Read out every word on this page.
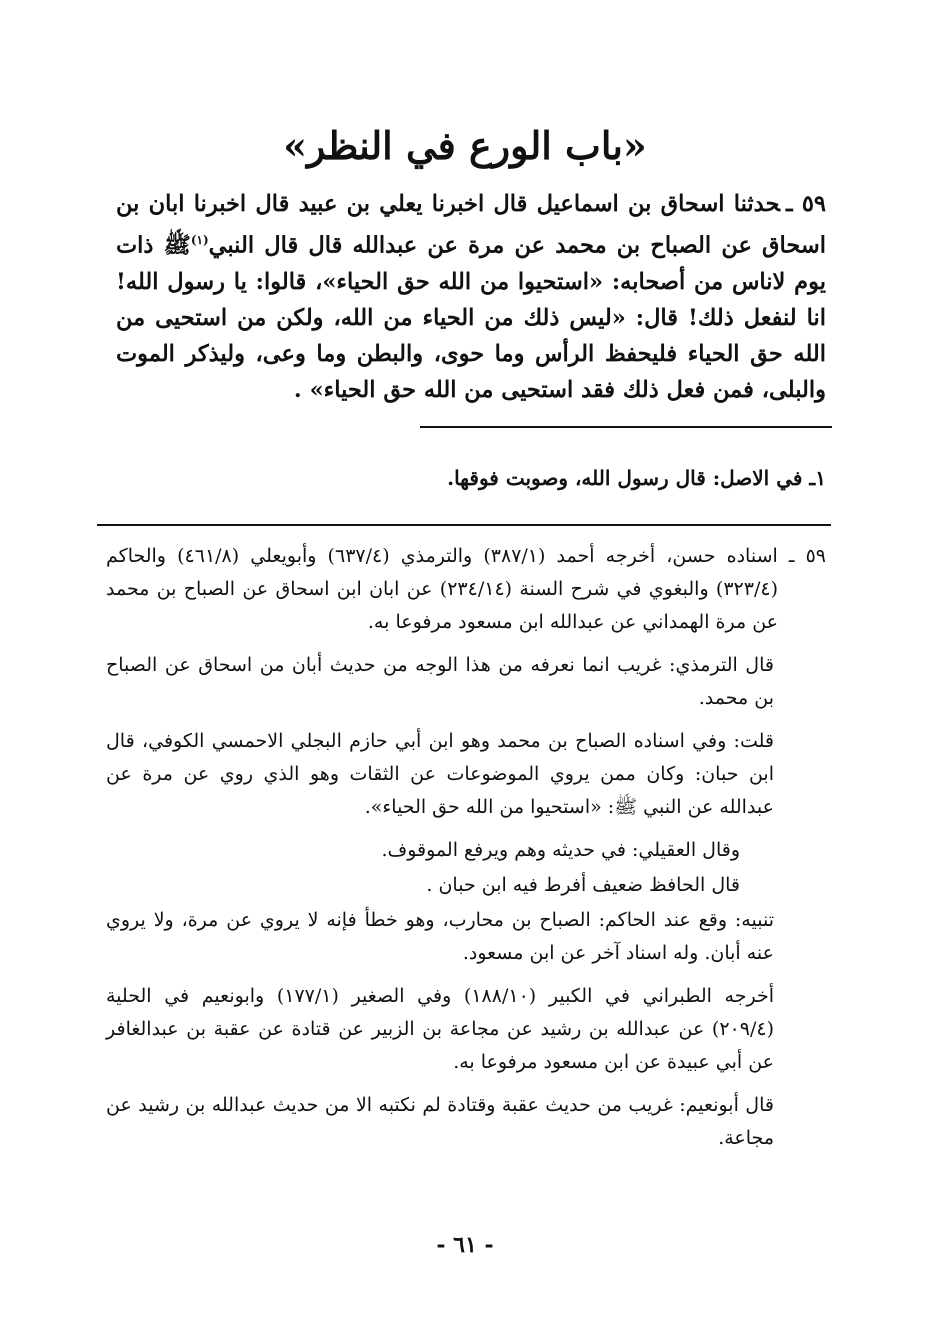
«باب الورع في النظر»
٥٩ ـحدثنا اسحاق بن اسماعيل قال اخبرنا يعلي بن عبيد قال اخبرنا ابان بن اسحاق عن الصباح بن محمد عن مرة عن عبدالله قال قال النبي$^{(١)}$ﷺ ذات يوم لاناس من أصحابه: «استحيوا من الله حق الحياء»، قالوا: يا رسول الله! انا لنفعل ذلك! قال: «ليس ذلك من الحياء من الله، ولكن من استحيى من الله حق الحياء فليحفظ الرأس وما حوى، والبطن وما وعى، وليذكر الموت والبلى، فمن فعل ذلك فقد استحيى من الله حق الحياء» .
١ـ في الاصل: قال رسول الله، وصوبت فوقها.

٥٩ ـ اسناده حسن، أخرجه أحمد (٣٨٧/١) والترمذي (٦٣٧/٤) وأبويعلي (٤٦١/٨) والحاكم (٣٢٣/٤) والبغوي في شرح السنة (٢٣٤/١٤) عن ابان ابن اسحاق عن الصباح بن محمد عن مرة الهمداني عن عبدالله ابن مسعود مرفوعا به.

قال الترمذي: غريب انما نعرفه من هذا الوجه من حديث أبان من اسحاق عن الصباح بن محمد.

قلت: وفي اسناده الصباح بن محمد وهو ابن أبي حازم البجلي الاحمسي الكوفي، قال ابن حبان: وكان ممن يروي الموضوعات عن الثقات وهو الذي روي عن مرة عن عبدالله عن النبي ﷺ: «استحيوا من الله حق الحياء».

وقال العقيلي: في حديثه وهم ويرفع الموقوف.

قال الحافظ ضعيف أفرط فيه ابن حبان .

تنبيه: وقع عند الحاكم: الصباح بن محارب، وهو خطأ فإنه لا يروي عن مرة، ولا يروي عنه أبان. وله اسناد آخر عن ابن مسعود.

أخرجه الطبراني في الكبير (١٨٨/١٠) وفي الصغير (١٧٧/١) وابونعيم في الحلية (٢٠٩/٤) عن عبدالله بن رشيد عن مجاعة بن الزبير عن قتادة عن عقبة بن عبدالغافر عن أبي عبيدة عن ابن مسعود مرفوعا به.

قال أبونعيم: غريب من حديث عقبة وقتادة لم نكتبه الا من حديث عبدالله بن رشيد عن مجاعة.

- ٦١ -
